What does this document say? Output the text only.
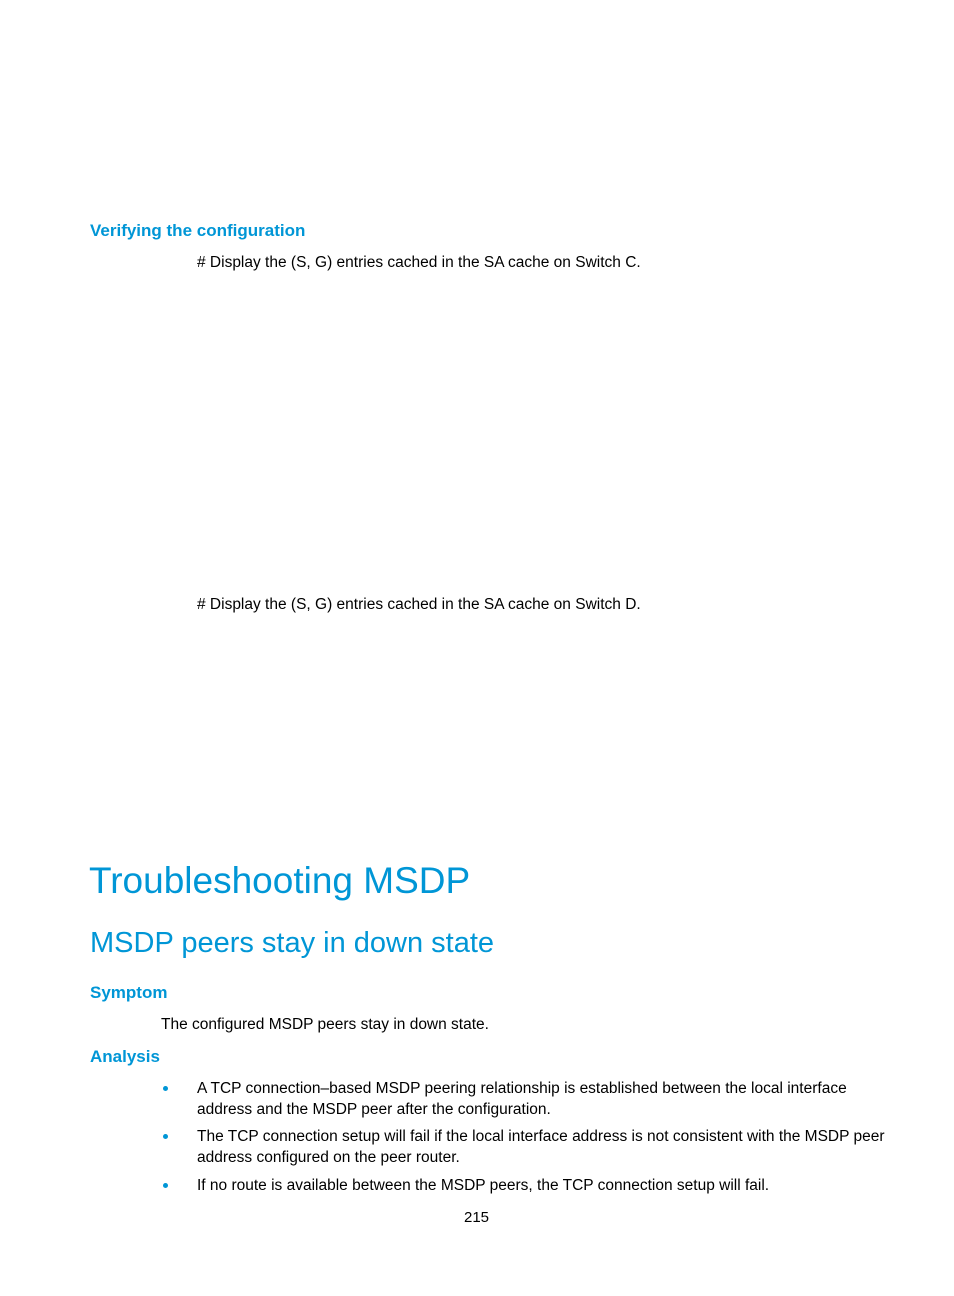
Verifying the configuration
# Display the (S, G) entries cached in the SA cache on Switch C.
# Display the (S, G) entries cached in the SA cache on Switch D.
Troubleshooting MSDP
MSDP peers stay in down state
Symptom
The configured MSDP peers stay in down state.
Analysis
A TCP connection–based MSDP peering relationship is established between the local interface
address and the MSDP peer after the configuration.
The TCP connection setup will fail if the local interface address is not consistent with the MSDP peer
address configured on the peer router.
If no route is available between the MSDP peers, the TCP connection setup will fail.
215
